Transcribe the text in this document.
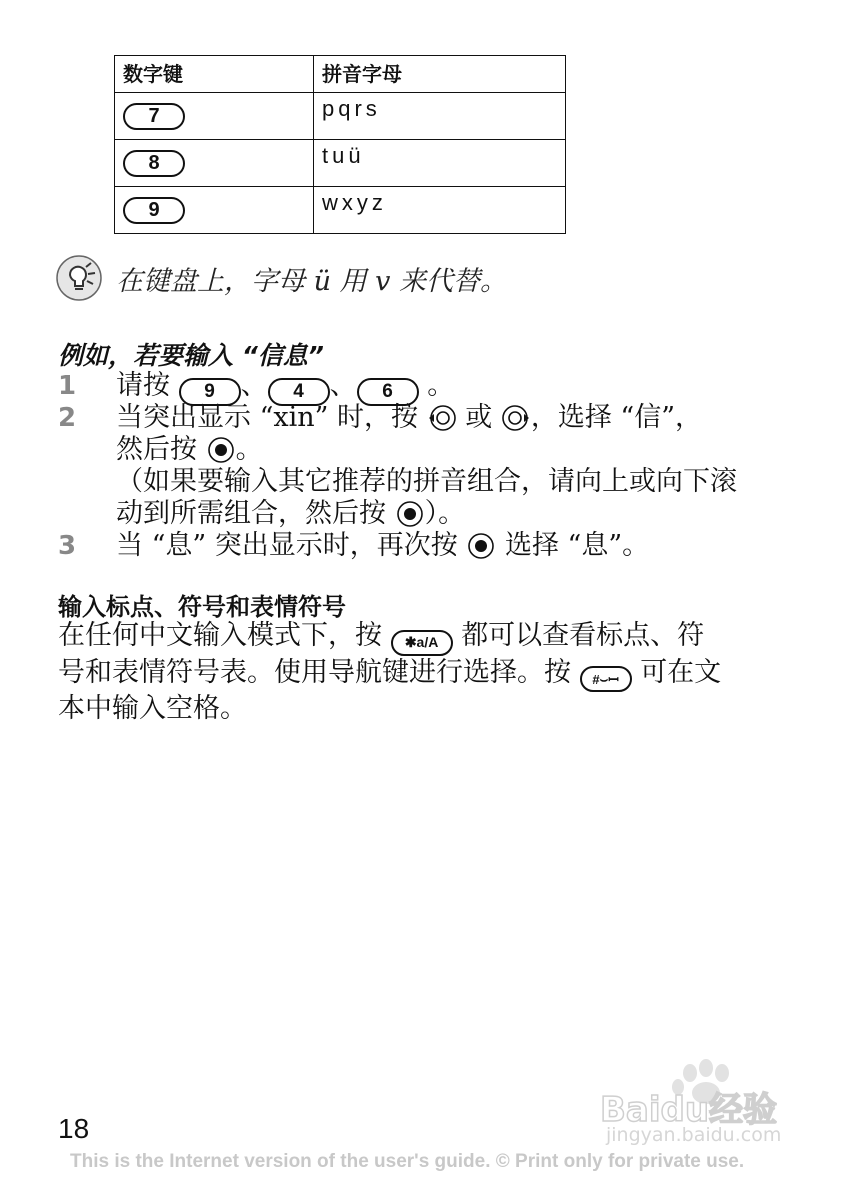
数字键	拼音字母
7	pqrs
8	tuü
9	wxyz
在键盘上，字母 ü 用 v 来代替。
例如，若要输入 “信息”
1 请按 9 、 4 、 6 。
2 当突出显示 “xin” 时，按 或 ，选择 “信”，
然后按 。
（如果要输入其它推荐的拼音组合，请向上或向下滚
动到所需组合，然后按 ）。
3 当 “息” 突出显示时，再次按 选择 “息”。
输入标点、符号和表情符号
在任何中文输入模式下，按 ✱a/A 都可以查看标点、符
号和表情符号表。使用导航键进行选择。按 #⌣ꟷ 可在文
本中输入空格。
Baidu经验
jingyan.baidu.com
18
This is the Internet version of the user's guide. © Print only for private use.
